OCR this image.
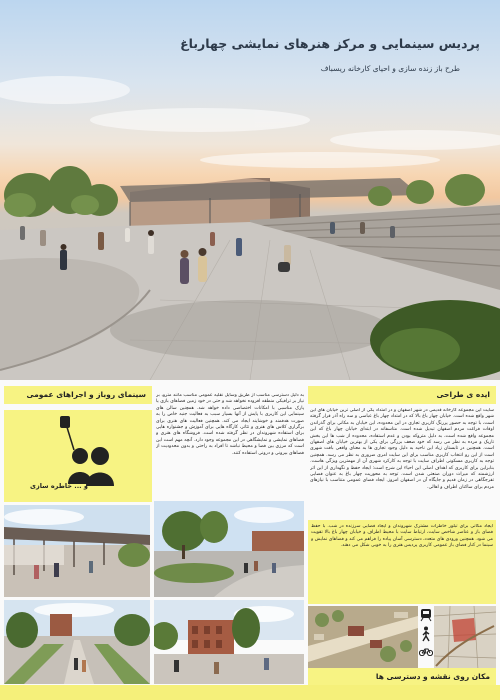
پردیس سینمایی و مرکز هنرهای نمایشی چهارباغ
طرح باز زنده سازی و احیای کارخانه ریسباف
سینمای روباز و اجراهای عمومی
و ... خاطره سازی
به دلیل دسترسی مناسب از طریق وسایل نقلیه عمومی مناسب مانند مترو، بر نیاز بر ترافیکی منطقه افزوده نخواهد شد و حتی در خود زمین فضاهای بازی یا پارک مناسبی با امکانات اختصاصی داده خواهد شد. همچنین سالن های سینمایی این کاربری با پایش از آنها بسیار سبب به فعالیت جنبه خاص را به صورت هدفمند و خوشایند ایجاد می کند. همچنین فعالیت های هنری برای برگزاری کلاس های هنری و تئاتر، کارگاه هایی برای آموزش و جشنواره هایی برای استفاده شهروندان در نظر گرفته شده است. فروشگاه های هنری و فضاهای نمایشی و نمایشگاهی در این مجموعه وجود دارد. آنچه مهم است این است که مرزی بین فضا و محیط نباشد تا افراد به راحتی و بدون محدودیت از فضاهای بیرونی و درونی استفاده کنند.
ایده ی طراحی
سایت این مجموعه کارخانه قدیمی در شهر اصفهان و در امتداد یکی از اصلی ترین خیابان های این شهر واقع شده است. خیابان چهار باغ بالا که در امتداد چهار باغ عباسی و سه راه آذر قرار گرفته است، با توجه به حضور پررنگ کاربری تجاری در این محدوده، این خیابان به مکانی برای گذراندن اوقات فراغت مردم اصفهان تبدیل شده است. متاسفانه در ابتدای خیابان چهار باغ که این مجموعه واقع شده است، به دلیل متروکه بودن و عدم استفاده، محدوده از شب ها این بخش تاریک و مرده به نظر می رسد که خود ضعف بزرگی برای یکی از بهترین خیابان های اصفهان است. همچنین در تابستان زیاد این ناحیه به دلیل وجود تجاری ها به معنای واقعی بافت شهری است از این رو انتخاب کاربری مناسب برای این سایت امری ضروری به نظر می رسد. همچنین توجه به کاربری مسکونی اطراف سایت با توجه به کارکرد شهری آن از مهمترین ویژگی هاست. بنابراین برای کاربری که اهداف اصلی این احیاء این شرح است: ایجاد حفظ و نگهداری از این اثر ارزشمند که میراث دوران صنعتی شدن است. توجه به محوریت چهار باغ به عنوان فضایی تفرجگاهی در زمان قدیم و جایگاه آن در اصفهان امروز. ایجاد فضای عمومی متناسب با نیازهای مردم برای ساکنان اطراف و اهالی.
ایجاد مکانی برای تبلور خاطرات مشترک شهروندان و ایجاد فضایی سرزنده در شب. با حفظ فضای باز و عناصر شاخص سایت، ارتباط سایت با محیط اطراف و خیابان چهار باغ بالا تقویت می شود. همچنین ورودی های متعدد، دسترسی آسان پیاده را فراهم می کند و فضاهای نمایش و سینما در کنار فضای باز عمومی کاربری پردیس هنری را به خوبی شکل می دهند.
مکان روی نقشه و دسترسی ها
